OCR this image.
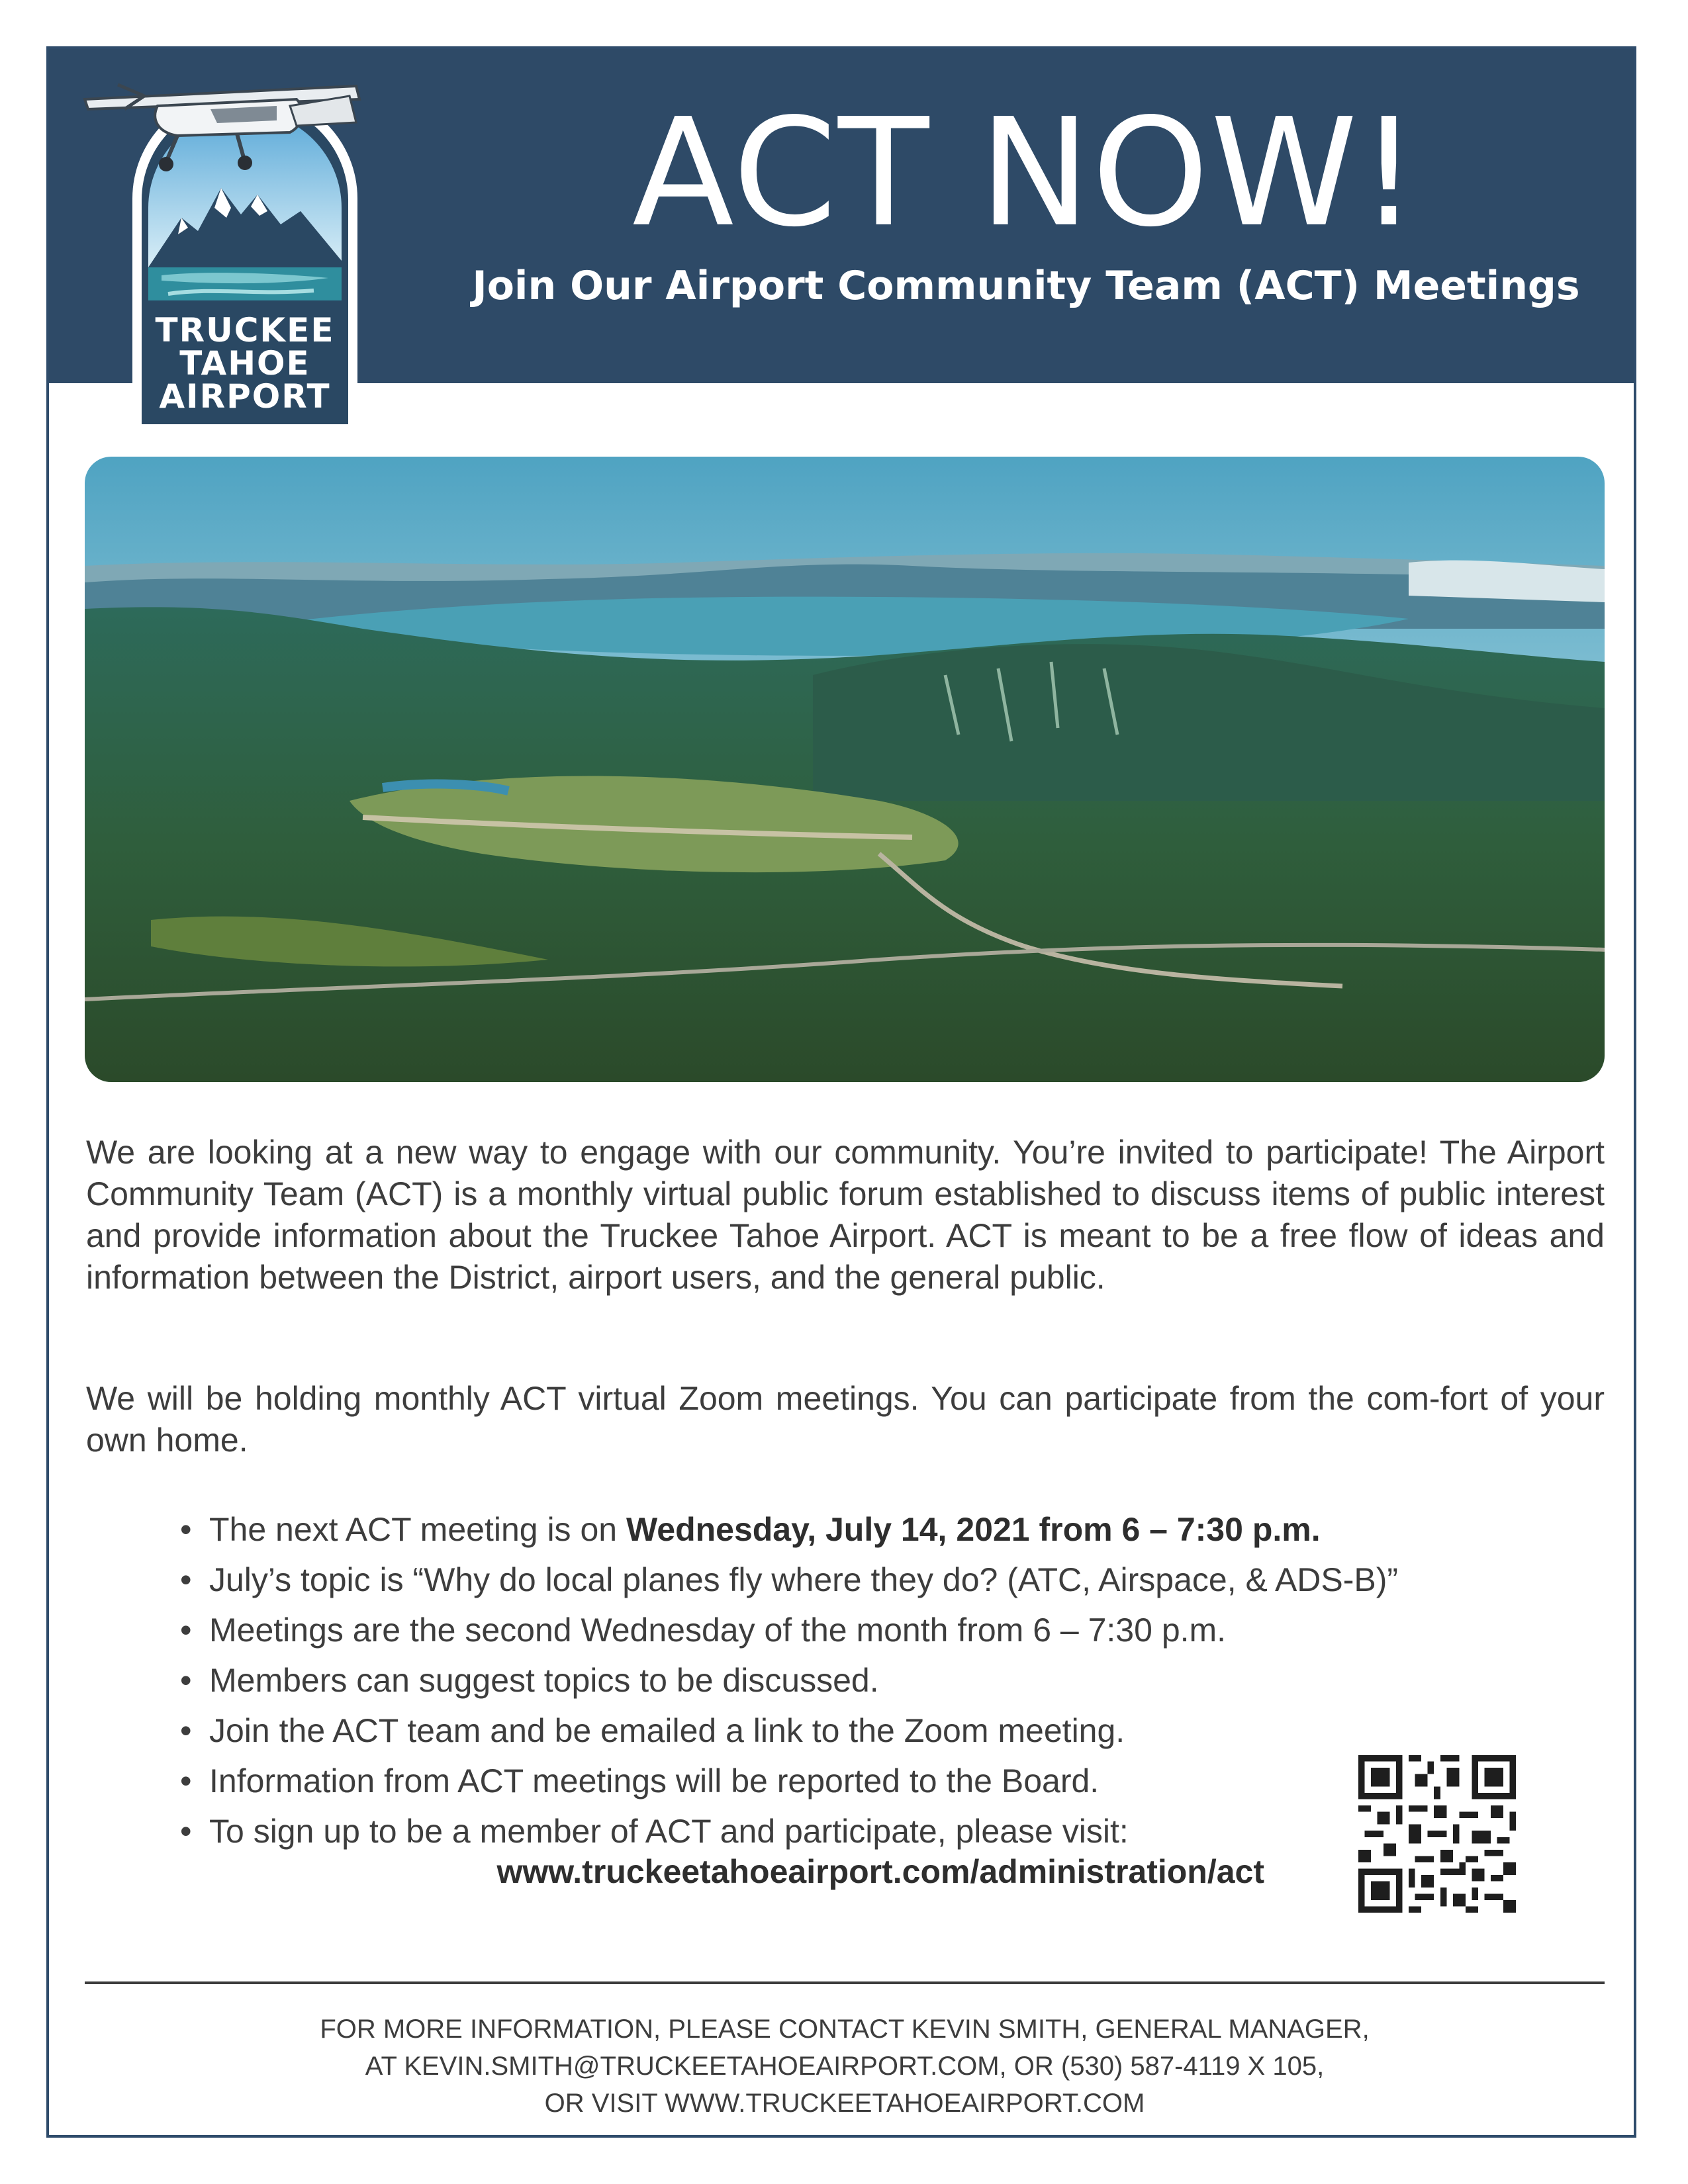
ACT NOW!
Join Our Airport Community Team (ACT) Meetings
TRUCKEE
TAHOE
AIRPORT

We are looking at a new way to engage with our community. You’re invited to participate! The Airport Community Team (ACT) is a monthly virtual public forum established to discuss items of public interest and provide information about the Truckee Tahoe Airport. ACT is meant to be a free flow of ideas and information between the District, airport users, and the general public.

We will be holding monthly ACT virtual Zoom meetings. You can participate from the com-fort of your own home.

• The next ACT meeting is on Wednesday, July 14, 2021 from 6 – 7:30 p.m.
• July’s topic is “Why do local planes fly where they do? (ATC, Airspace, & ADS-B)”
• Meetings are the second Wednesday of the month from 6 – 7:30 p.m.
• Members can suggest topics to be discussed.
• Join the ACT team and be emailed a link to the Zoom meeting.
• Information from ACT meetings will be reported to the Board.
• To sign up to be a member of ACT and participate, please visit:
www.truckeetahoeairport.com/administration/act
FOR MORE INFORMATION, PLEASE CONTACT KEVIN SMITH, GENERAL MANAGER,
AT KEVIN.SMITH@TRUCKEETAHOEAIRPORT.COM, OR (530) 587-4119 X 105,
OR VISIT WWW.TRUCKEETAHOEAIRPORT.COM
